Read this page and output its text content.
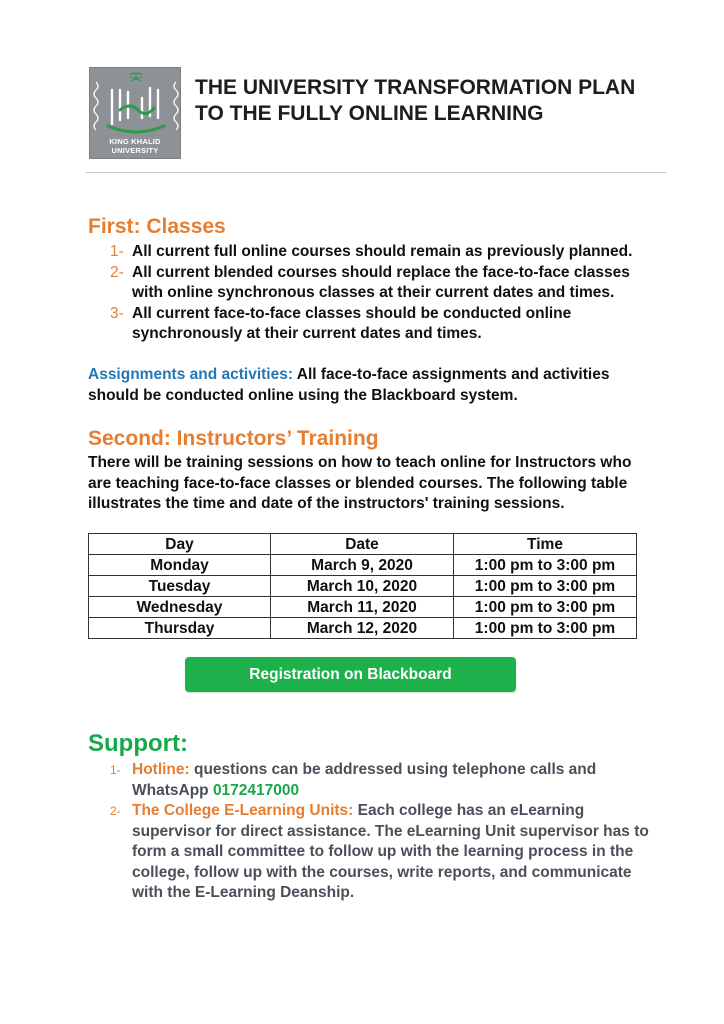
KING KHALID UNIVERSITY
THE UNIVERSITY TRANSFORMATION PLAN
TO THE FULLY ONLINE LEARNING
First: Classes
1- All current full online courses should remain as previously planned.
2- All current blended courses should replace the face-to-face classes with online synchronous classes at their current dates and times.
3- All current face-to-face classes should be conducted online synchronously at their current dates and times.

Assignments and activities: All face-to-face assignments and activities should be conducted online using the Blackboard system.

Second: Instructors’ Training

There will be training sessions on how to teach online for Instructors who are teaching face-to-face classes or blended courses. The following table illustrates the time and date of the instructors' training sessions.

Day	Date	Time
Monday	March 9, 2020	1:00 pm to 3:00 pm
Tuesday	March 10, 2020	1:00 pm to 3:00 pm
Wednesday	March 11, 2020	1:00 pm to 3:00 pm
Thursday	March 12, 2020	1:00 pm to 3:00 pm
Registration on Blackboard
Support:
1- Hotline: questions can be addressed using telephone calls and WhatsApp 0172417000
2- The College E-Learning Units: Each college has an eLearning supervisor for direct assistance. The eLearning Unit supervisor has to form a small committee to follow up with the learning process in the college, follow up with the courses, write reports, and communicate with the E-Learning Deanship.
